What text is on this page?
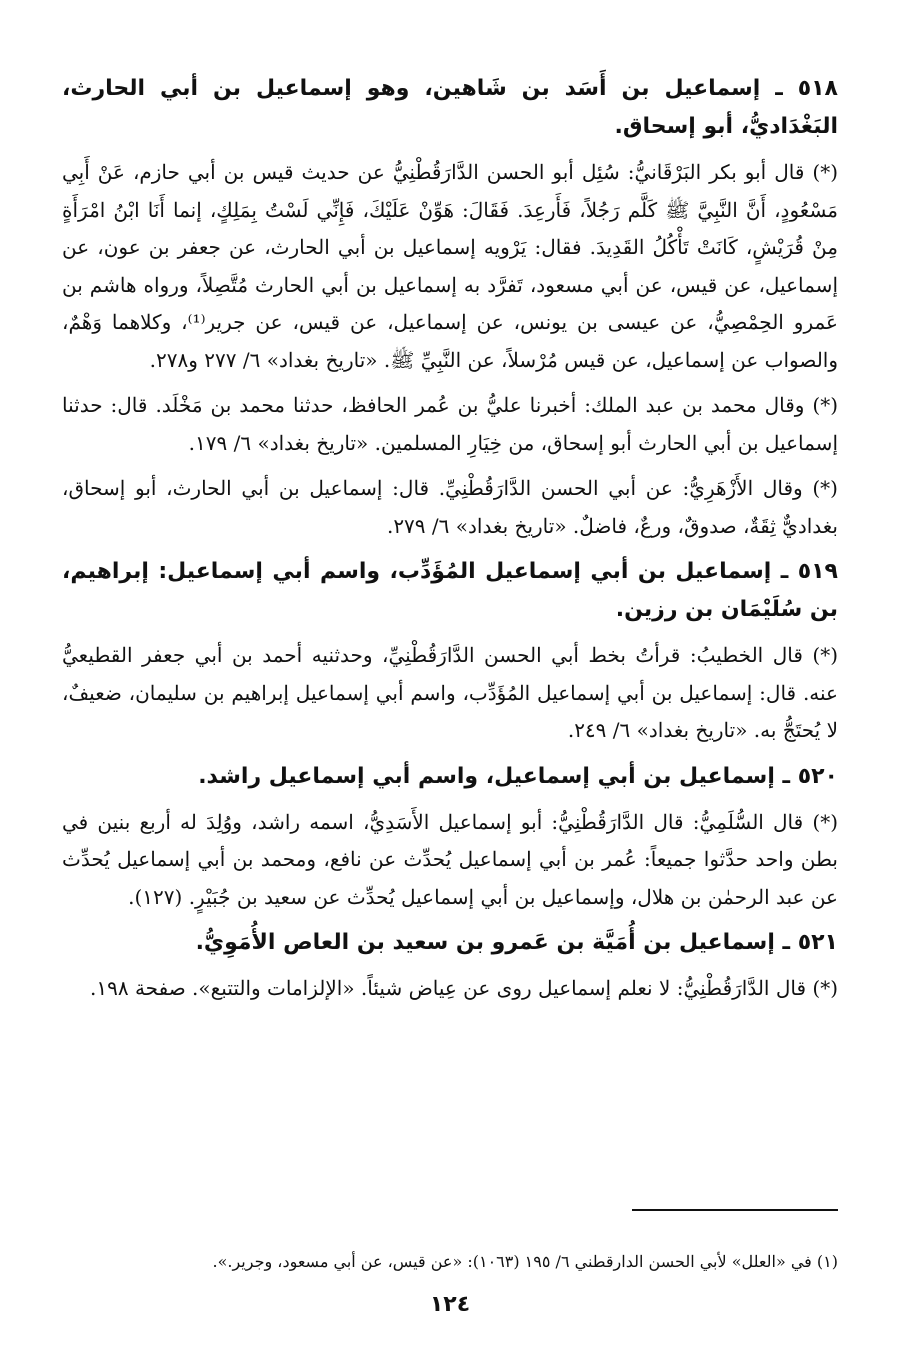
٥١٨ ـ إسماعيل بن أَسَد بن شَاهين، وهو إسماعيل بن أبي الحارث، البَغْدَاديُّ، أبو إسحاق.

(*) قال أبو بكر البَرْقَانيُّ: سُئِل أبو الحسن الدَّارَقُطْنِيُّ عن حديث قيس بن أبي حازم، عَنْ أَبِي مَسْعُودٍ، أَنَّ النَّبِيَّ ﷺ كَلَّم رَجُلاً، فَأَرعِدَ. فَقَالَ: هَوِّنْ عَلَيْكَ، فَإِنِّي لَسْتُ بِمَلِكٍ، إنما أَنَا ابْنُ امْرَأَةٍ مِنْ قُرَيْشٍ، كَانَتْ تَأْكُلُ القَدِيدَ. فقال: يَرْويه إسماعيل بن أبي الحارث، عن جعفر بن عون، عن إسماعيل، عن قيس، عن أبي مسعود، تَفرَّد به إسماعيل بن أبي الحارث مُتَّصِلاً، ورواه هاشم بن عَمرو الحِمْصِيُّ، عن عيسى بن يونس، عن إسماعيل، عن قيس، عن جرير⁽¹⁾، وكلاهما وَهْمٌ، والصواب عن إسماعيل، عن قيس مُرْسلاً، عن النَّبِيِّ ﷺ. «تاريخ بغداد» ٦/ ٢٧٧ و٢٧٨.

(*) وقال محمد بن عبد الملك: أخبرنا عليُّ بن عُمر الحافظ، حدثنا محمد بن مَخْلَد. قال: حدثنا إسماعيل بن أبي الحارث أبو إسحاق، من خِيَارِ المسلمين. «تاريخ بغداد» ٦/ ١٧٩.

(*) وقال الأَزْهَرِيُّ: عن أبي الحسن الدَّارَقُطْنِيِّ. قال: إسماعيل بن أبي الحارث، أبو إسحاق، بغداديٌّ ثِقَةٌ، صدوقٌ، ورعٌ، فاضلٌ. «تاريخ بغداد» ٦/ ٢٧٩.

٥١٩ ـ إسماعيل بن أبي إسماعيل المُؤَدِّب، واسم أبي إسماعيل: إبراهيم، بن سُلَيْمَان بن رزين.

(*) قال الخطيبُ: قرأتُ بخط أبي الحسن الدَّارَقُطْنِيِّ، وحدثنيه أحمد بن أبي جعفر القطيعيُّ عنه. قال: إسماعيل بن أبي إسماعيل المُؤَدِّب، واسم أبي إسماعيل إبراهيم بن سليمان، ضعيفٌ، لا يُحتَجُّ به. «تاريخ بغداد» ٦/ ٢٤٩.

٥٢٠ ـ إسماعيل بن أبي إسماعيل، واسم أبي إسماعيل راشد.

(*) قال السُّلَمِيُّ: قال الدَّارَقُطْنِيُّ: أبو إسماعيل الأَسَدِيُّ، اسمه راشد، ووُلِدَ له أربع بنين في بطن واحد حدَّثوا جميعاً: عُمر بن أبي إسماعيل يُحدِّث عن نافع، ومحمد بن أبي إسماعيل يُحدِّث عن عبد الرحمٰن بن هلال، وإسماعيل بن أبي إسماعيل يُحدِّث عن سعيد بن جُبَيْرٍ. (١٢٧).

٥٢١ ـ إسماعيل بن أُمَيَّة بن عَمرو بن سعيد بن العاص الأُمَوِيُّ.

(*) قال الدَّارَقُطْنِيُّ: لا نعلم إسماعيل روى عن عِياض شيئاً. «الإلزامات والتتبع». صفحة ١٩٨.

(١) في «العلل» لأبي الحسن الدارقطني ٦/ ١٩٥ (١٠٦٣): «عن قيس، عن أبي مسعود، وجرير.».

١٢٤
